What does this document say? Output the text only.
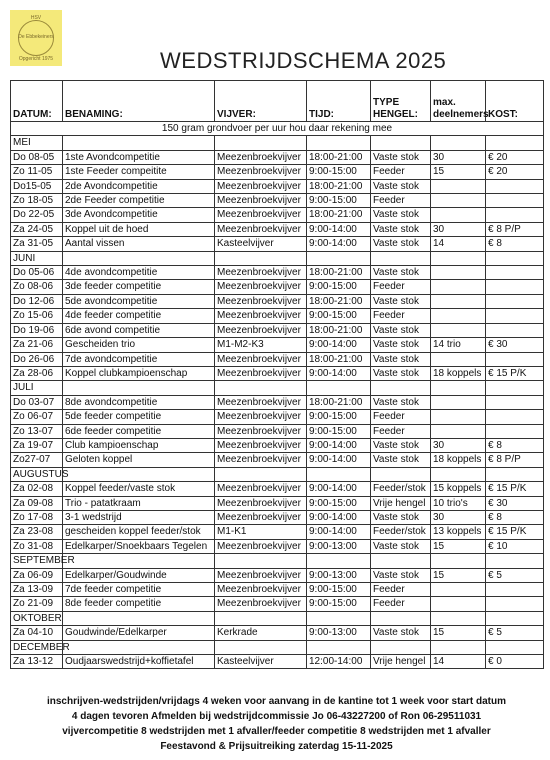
HSV
De Ebbekeiners
Opgericht 1975	WEDSTRIJDSCHEMA 2025
DATUM:	BENAMING:	VIJVER:	TIJD:	TYPE HENGEL:	max. deelnemers	KOST:
150 gram grondvoer per uur hou daar rekening mee						
MEI						
Do 08-05	1ste Avondcompetitie	Meezenbroekvijver	18:00-21:00	Vaste stok	30	€ 20
Zo 11-05	1ste Feeder compeitite	Meezenbroekvijver	9:00-15:00	Feeder	15	€ 20
Do15-05	2de Avondcompetitie	Meezenbroekvijver	18:00-21:00	Vaste stok		
Zo 18-05	2de Feeder competitie	Meezenbroekvijver	9:00-15:00	Feeder		
Do 22-05	3de Avondcompetitie	Meezenbroekvijver	18:00-21:00	Vaste stok		
Za 24-05	Koppel uit de hoed	Meezenbroekvijver	9:00-14:00	Vaste stok	30	€ 8 P/P
Za 31-05	Aantal vissen	Kasteelvijver	9:00-14:00	Vaste stok	14	€ 8
JUNI						
Do 05-06	4de avondcompetitie	Meezenbroekvijver	18:00-21:00	Vaste stok		
Zo 08-06	3de feeder competitie	Meezenbroekvijver	9:00-15:00	Feeder		
Do 12-06	5de avondcompetitie	Meezenbroekvijver	18:00-21:00	Vaste stok		
Zo 15-06	4de feeder competitie	Meezenbroekvijver	9:00-15:00	Feeder		
Do 19-06	6de avond competitie	Meezenbroekvijver	18:00-21:00	Vaste stok		
Za 21-06	Gescheiden trio	M1-M2-K3	9:00-14:00	Vaste stok	14 trio	€ 30
Do 26-06	7de avondcompetitie	Meezenbroekvijver	18:00-21:00	Vaste stok		
Za 28-06	Koppel clubkampioenschap	Meezenbroekvijver	9:00-14:00	Vaste stok	18 koppels	€ 15 P/K
JULI						
Do 03-07	8de avondcompetitie	Meezenbroekvijver	18:00-21:00	Vaste stok		
Zo 06-07	5de feeder competitie	Meezenbroekvijver	9:00-15:00	Feeder		
Zo 13-07	6de feeder competitie	Meezenbroekvijver	9:00-15:00	Feeder		
Za 19-07	Club kampioenschap	Meezenbroekvijver	9:00-14:00	Vaste stok	30	€ 8
Zo27-07	Geloten koppel	Meezenbroekvijver	9:00-14:00	Vaste stok	18 koppels	€ 8 P/P
AUGUSTUS						
Za 02-08	Koppel feeder/vaste stok	Meezenbroekvijver	9:00-14:00	Feeder/stok	15 koppels	€ 15 P/K
Za 09-08	Trio - patatkraam	Meezenbroekvijver	9:00-15:00	Vrije hengel	10 trio's	€ 30
Zo 17-08	3-1 wedstrijd	Meezenbroekvijver	9:00-14:00	Vaste stok	30	€ 8
Za 23-08	gescheiden koppel feeder/stok	M1-K1	9:00-14:00	Feeder/stok	13 koppels	€ 15 P/K
Zo 31-08	Edelkarper/Snoekbaars Tegelen	Meezenbroekvijver	9:00-13:00	Vaste stok	15	€ 10
SEPTEMBER						
Za 06-09	Edelkarper/Goudwinde	Meezenbroekvijver	9:00-13:00	Vaste stok	15	€ 5
Za 13-09	7de feeder competitie	Meezenbroekvijver	9:00-15:00	Feeder		
Zo 21-09	8de feeder competitie	Meezenbroekvijver	9:00-15:00	Feeder		
OKTOBER						
Za 04-10	Goudwinde/Edelkarper	Kerkrade	9:00-13:00	Vaste stok	15	€ 5
DECEMBER						
Za 13-12	Oudjaarswedstrijd+koffietafel	Kasteelvijver	12:00-14:00	Vrije hengel	14	€ 0
inschrijven-wedstrijden/vrijdags 4 weken voor aanvang in de kantine tot 1 week voor start datum
4 dagen tevoren Afmelden bij wedstrijdcommissie Jo 06-43227200 of Ron 06-29511031
vijvercompetitie 8 wedstrijden met 1 afvaller/feeder competitie 8 wedstrijden met 1 afvaller
Feestavond & Prijsuitreiking zaterdag 15-11-2025
